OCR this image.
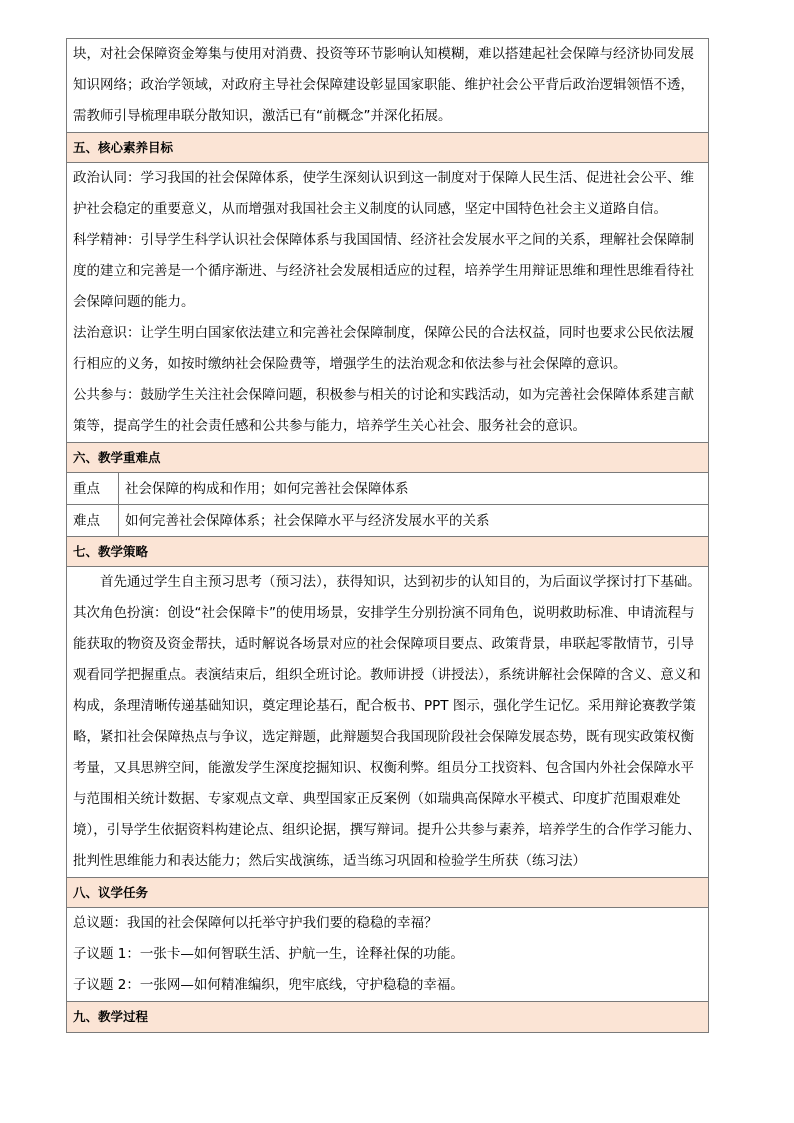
块，对社会保障资金筹集与使用对消费、投资等环节影响认知模糊，难以搭建起社会保障与经济协同发展知识网络；政治学领域，对政府主导社会保障建设彰显国家职能、维护社会公平背后政治逻辑领悟不透，需教师引导梳理串联分散知识，激活已有“前概念”并深化拓展。

五、核心素养目标

政治认同：学习我国的社会保障体系，使学生深刻认识到这一制度对于保障人民生活、促进社会公平、维护社会稳定的重要意义，从而增强对我国社会主义制度的认同感，坚定中国特色社会主义道路自信。

科学精神：引导学生科学认识社会保障体系与我国国情、经济社会发展水平之间的关系，理解社会保障制度的建立和完善是一个循序渐进、与经济社会发展相适应的过程，培养学生用辩证思维和理性思维看待社会保障问题的能力。

法治意识：让学生明白国家依法建立和完善社会保障制度，保障公民的合法权益，同时也要求公民依法履行相应的义务，如按时缴纳社会保险费等，增强学生的法治观念和依法参与社会保障的意识。

公共参与：鼓励学生关注社会保障问题，积极参与相关的讨论和实践活动，如为完善社会保障体系建言献策等，提高学生的社会责任感和公共参与能力，培养学生关心社会、服务社会的意识。

六、教学重难点
重点	社会保障的构成和作用；如何完善社会保障体系
难点	如何完善社会保障体系；社会保障水平与经济发展水平的关系
七、教学策略

首先通过学生自主预习思考（预习法），获得知识，达到初步的认知目的，为后面议学探讨打下基础。其次角色扮演：创设“社会保障卡”的使用场景，安排学生分别扮演不同角色，说明救助标准、申请流程与能获取的物资及资金帮扶，适时解说各场景对应的社会保障项目要点、政策背景，串联起零散情节，引导观看同学把握重点。表演结束后，组织全班讨论。教师讲授（讲授法），系统讲解社会保障的含义、意义和构成，条理清晰传递基础知识，奠定理论基石，配合板书、PPT 图示，强化学生记忆。采用辩论赛教学策略，紧扣社会保障热点与争议，选定辩题，此辩题契合我国现阶段社会保障发展态势，既有现实政策权衡考量，又具思辨空间，能激发学生深度挖掘知识、权衡利弊。组员分工找资料、包含国内外社会保障水平与范围相关统计数据、专家观点文章、典型国家正反案例（如瑞典高保障水平模式、印度扩范围艰难处境），引导学生依据资料构建论点、组织论据，撰写辩词。提升公共参与素养，培养学生的合作学习能力、批判性思维能力和表达能力；然后实战演练，适当练习巩固和检验学生所获（练习法）

八、议学任务

总议题：我国的社会保障何以托举守护我们要的稳稳的幸福？

子议题 1：一张卡—如何智联生活、护航一生，诠释社保的功能。

子议题 2：一张网—如何精准编织，兜牢底线，守护稳稳的幸福。

九、教学过程
